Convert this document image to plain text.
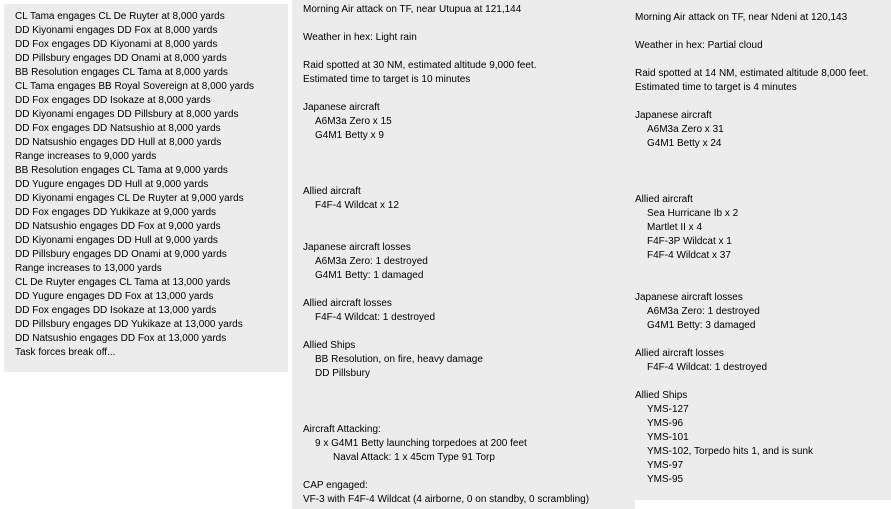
CL Tama engages CL De Ruyter at 8,000 yards
DD Kiyonami engages DD Fox at 8,000 yards
DD Fox engages DD Kiyonami at 8,000 yards
DD Pillsbury engages DD Onami at 8,000 yards
BB Resolution engages CL Tama at 8,000 yards
CL Tama engages BB Royal Sovereign at 8,000 yards
DD Fox engages DD Isokaze at 8,000 yards
DD Kiyonami engages DD Pillsbury at 8,000 yards
DD Fox engages DD Natsushio at 8,000 yards
DD Natsushio engages DD Hull at 8,000 yards
Range increases to 9,000 yards
BB Resolution engages CL Tama at 9,000 yards
DD Yugure engages DD Hull at 9,000 yards
DD Kiyonami engages CL De Ruyter at 9,000 yards
DD Fox engages DD Yukikaze at 9,000 yards
DD Natsushio engages DD Fox at 9,000 yards
DD Kiyonami engages DD Hull at 9,000 yards
DD Pillsbury engages DD Onami at 9,000 yards
Range increases to 13,000 yards
CL De Ruyter engages CL Tama at 13,000 yards
DD Yugure engages DD Fox at 13,000 yards
DD Fox engages DD Isokaze at 13,000 yards
DD Pillsbury engages DD Yukikaze at 13,000 yards
DD Natsushio engages DD Fox at 13,000 yards
Task forces break off...
Morning Air attack on TF, near Utupua at 121,144
Weather in hex: Light rain
Raid spotted at 30 NM, estimated altitude 9,000 feet.
Estimated time to target is 10 minutes
Japanese aircraft
A6M3a Zero x 15
G4M1 Betty x 9
Allied aircraft
F4F-4 Wildcat x 12
Japanese aircraft losses
A6M3a Zero: 1 destroyed
G4M1 Betty: 1 damaged
Allied aircraft losses
F4F-4 Wildcat: 1 destroyed
Allied Ships
BB Resolution, on fire, heavy damage
DD Pillsbury
Aircraft Attacking:
9 x G4M1 Betty launching torpedoes at 200 feet
Naval Attack: 1 x 45cm Type 91 Torp
CAP engaged:
VF-3 with F4F-4 Wildcat (4 airborne, 0 on standby, 0 scrambling)
Morning Air attack on TF, near Ndeni at 120,143
Weather in hex: Partial cloud
Raid spotted at 14 NM, estimated altitude 8,000 feet.
Estimated time to target is 4 minutes
Japanese aircraft
A6M3a Zero x 31
G4M1 Betty x 24
Allied aircraft
Sea Hurricane Ib x 2
Martlet II x 4
F4F-3P Wildcat x 1
F4F-4 Wildcat x 37
Japanese aircraft losses
A6M3a Zero: 1 destroyed
G4M1 Betty: 3 damaged
Allied aircraft losses
F4F-4 Wildcat: 1 destroyed
Allied Ships
YMS-127
YMS-96
YMS-101
YMS-102, Torpedo hits 1, and is sunk
YMS-97
YMS-95
